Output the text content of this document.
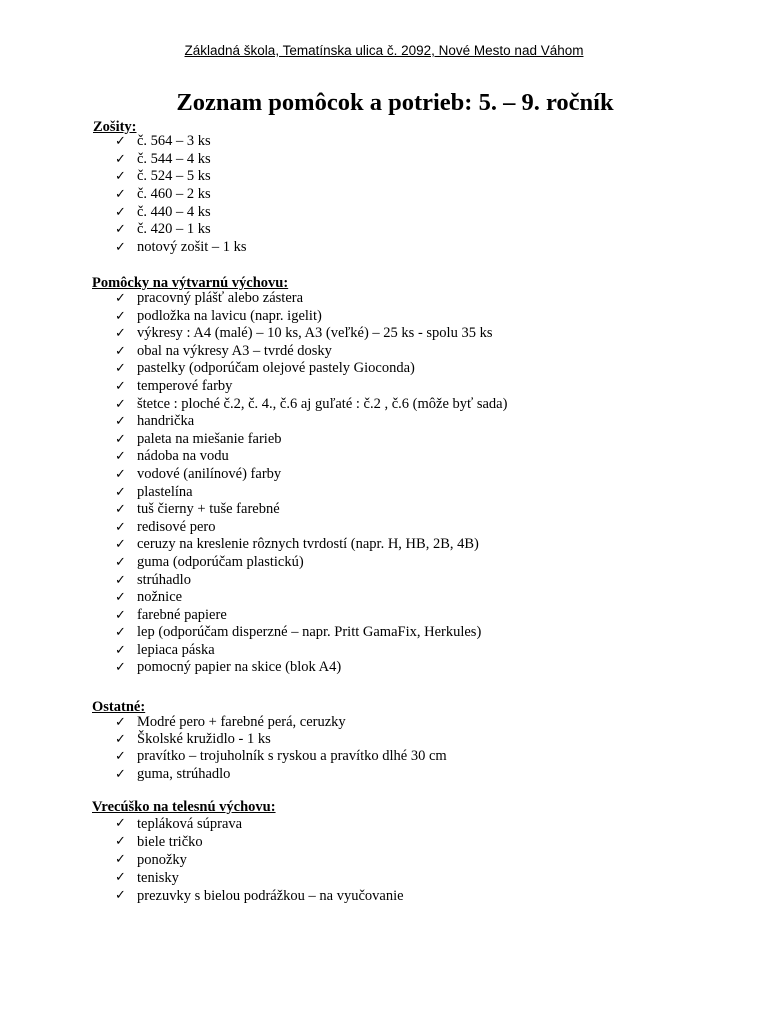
Základná škola, Tematínska ulica č. 2092, Nové Mesto nad Váhom
Zoznam pomôcok a potrieb: 5. – 9. ročník
Zošity:
✓ č. 564 – 3 ks
✓ č. 544 – 4 ks
✓ č. 524 – 5 ks
✓ č. 460 – 2 ks
✓ č. 440 – 4 ks
✓ č. 420 – 1 ks
✓ notový zošit – 1 ks
Pomôcky na výtvarnú výchovu:
✓ pracovný plášť alebo zástera
✓ podložka na lavicu (napr. igelit)
✓ výkresy : A4 (malé) – 10 ks, A3 (veľké) – 25 ks - spolu 35 ks
✓ obal na výkresy A3 – tvrdé dosky
✓ pastelky (odporúčam olejové pastely Gioconda)
✓ temperové farby
✓ štetce : ploché č.2, č. 4., č.6 aj guľaté : č.2 , č.6 (môže byť sada)
✓ handrička
✓ paleta na miešanie farieb
✓ nádoba na vodu
✓ vodové (anilínové) farby
✓ plastelína
✓ tuš čierny + tuše farebné
✓ redisové pero
✓ ceruzy na kreslenie rôznych tvrdostí (napr. H, HB, 2B, 4B)
✓ guma (odporúčam plastickú)
✓ strúhadlo
✓ nožnice
✓ farebné papiere
✓ lep (odporúčam disperzné – napr. Pritt GamaFix, Herkules)
✓ lepiaca páska
✓ pomocný papier na skice (blok A4)
Ostatné:
✓ Modré pero + farebné perá, ceruzky
✓ Školské kružidlo - 1 ks
✓ pravítko – trojuholník s ryskou a pravítko dlhé 30 cm
✓ guma, strúhadlo
Vrecúško na telesnú výchovu:
✓ tepláková súprava
✓ biele tričko
✓ ponožky
✓ tenisky
✓ prezuvky s bielou podrážkou – na vyučovanie
